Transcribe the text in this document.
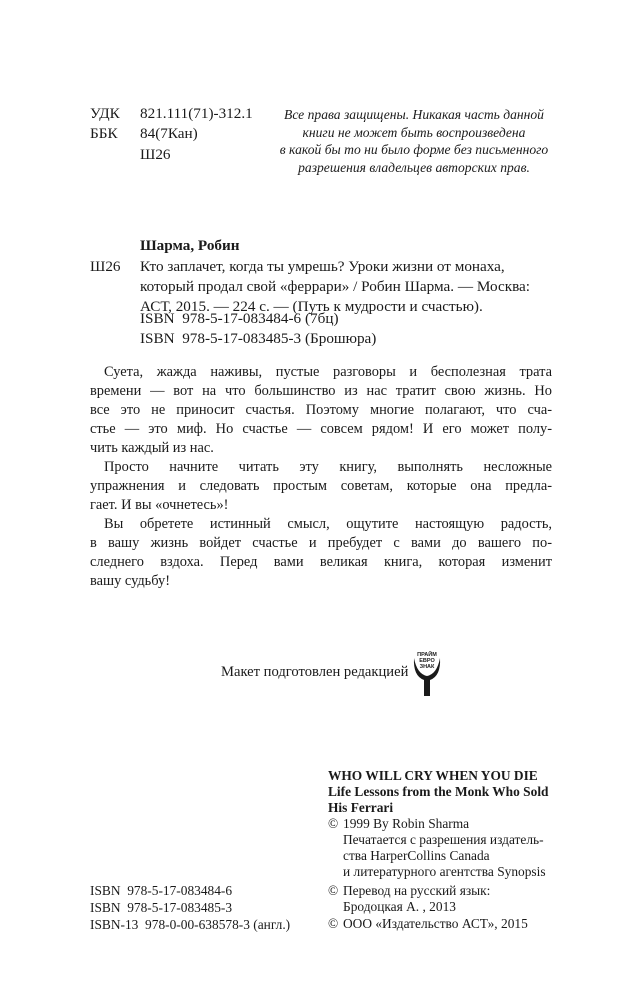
УДК 821.111(71)-312.1
ББК 84(7Кан)
Ш26
Все права защищены. Никакая часть данной
книги не может быть воспроизведена
в какой бы то ни было форме без письменного
разрешения владельцев авторских прав.
Шарма, Робин
Ш26 Кто заплачет, когда ты умрешь? Уроки жизни от монаха,
который продал свой «феррари» / Робин Шарма. — Москва:
АСТ, 2015. — 224 с. — (Путь к мудрости и счастью).
ISBN  978-5-17-083484-6 (7бц)
ISBN  978-5-17-083485-3 (Брошюра)
Суета, жажда наживы, пустые разговоры и бесполезная трата
времени — вот на что большинство из нас тратит свою жизнь. Но
все это не приносит счастья. Поэтому многие полагают, что сча-
стье — это миф. Но счастье — совсем рядом! И его может полу-
чить каждый из нас.
Просто начните читать эту книгу, выполнять несложные
упражнения и следовать простым советам, которые она предла-
гает. И вы «очнетесь»!
Вы обретете истинный смысл, ощутите настоящую радость,
в вашу жизнь войдет счастье и пребудет с вами до вашего по-
следнего вздоха. Перед вами великая книга, которая изменит
вашу судьбу!
Макет подготовлен редакцией
ПРАЙМ
ЕВРО
ЗНАК
WHO WILL CRY WHEN YOU DIE
Life Lessons from the Monk Who Sold
His Ferrari
© 1999 By Robin Sharma
Печатается с разрешения издатель-
ства HarperCollins Canada
и литературного агентства Synopsis
© Перевод на русский язык:
Бродоцкая А. , 2013
© ООО «Издательство АСТ», 2015
ISBN  978-5-17-083484-6
ISBN  978-5-17-083485-3
ISBN-13  978-0-00-638578-3 (англ.)
